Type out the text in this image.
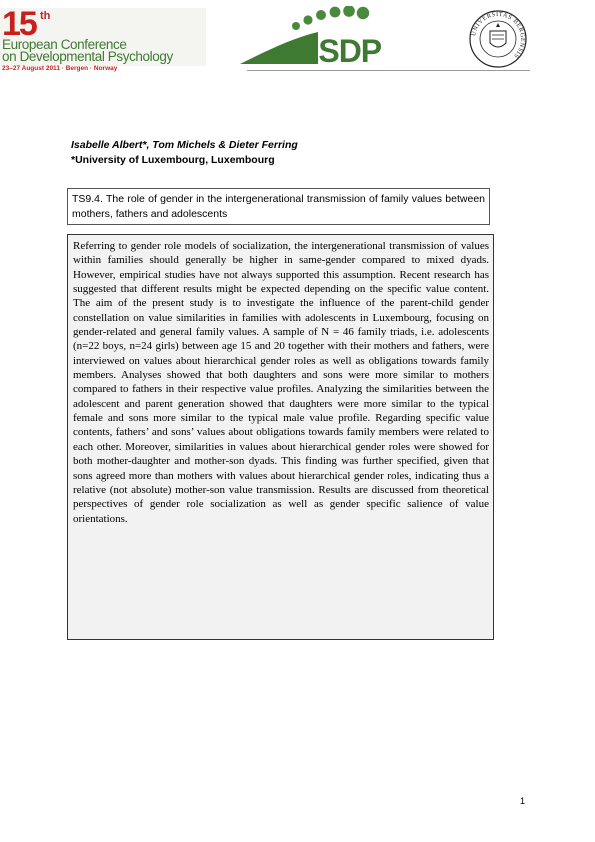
15 th
European Conference
on Developmental Psychology
23–27 August 2011 · Bergen · Norway	ESDP	UNIVERSITAS BERGENSIS
Isabelle Albert*, Tom Michels & Dieter Ferring
*University of Luxembourg, Luxembourg

TS9.4. The role of gender in the intergenerational transmission of family values between mothers, fathers and adolescents

Referring to gender role models of socialization, the intergenerational transmission of values within families should generally be higher in same-gender compared to mixed dyads. However, empirical studies have not always supported this assumption. Recent research has suggested that different results might be expected depending on the specific value content. The aim of the present study is to investigate the influence of the parent-child gender constellation on value similarities in families with adolescents in Luxembourg, focusing on gender-related and general family values. A sample of N = 46 family triads, i.e. adolescents (n=22 boys, n=24 girls) between age 15 and 20 together with their mothers and fathers, were interviewed on values about hierarchical gender roles as well as obligations towards family members. Analyses showed that both daughters and sons were more similar to mothers compared to fathers in their respective value profiles. Analyzing the similarities between the adolescent and parent generation showed that daughters were more similar to the typical female and sons more similar to the typical male value profile. Regarding specific value contents, fathers’ and sons’ values about obligations towards family members were related to each other. Moreover, similarities in values about hierarchical gender roles were showed for both mother-daughter and mother-son dyads. This finding was further specified, given that sons agreed more than mothers with values about hierarchical gender roles, indicating thus a relative (not absolute) mother-son value transmission. Results are discussed from theoretical perspectives of gender role socialization as well as gender specific salience of value orientations.

1
